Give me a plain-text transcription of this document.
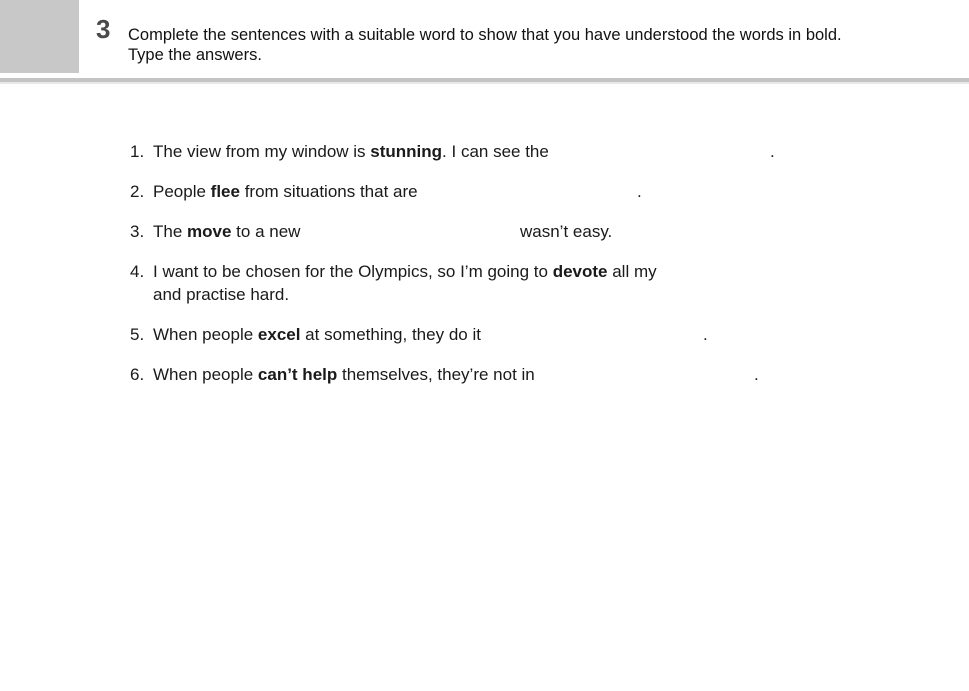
3 Complete the sentences with a suitable word to show that you have understood the words in bold.
Type the answers.
1. The view from my window is stunning. I can see the	.
2. People flee from situations that are	.
3. The move to a new	wasn’t easy.
4. I want to be chosen for the Olympics, so I’m going to devote all my
and practise hard.
5. When people excel at something, they do it	.
6. When people can’t help themselves, they’re not in	.
